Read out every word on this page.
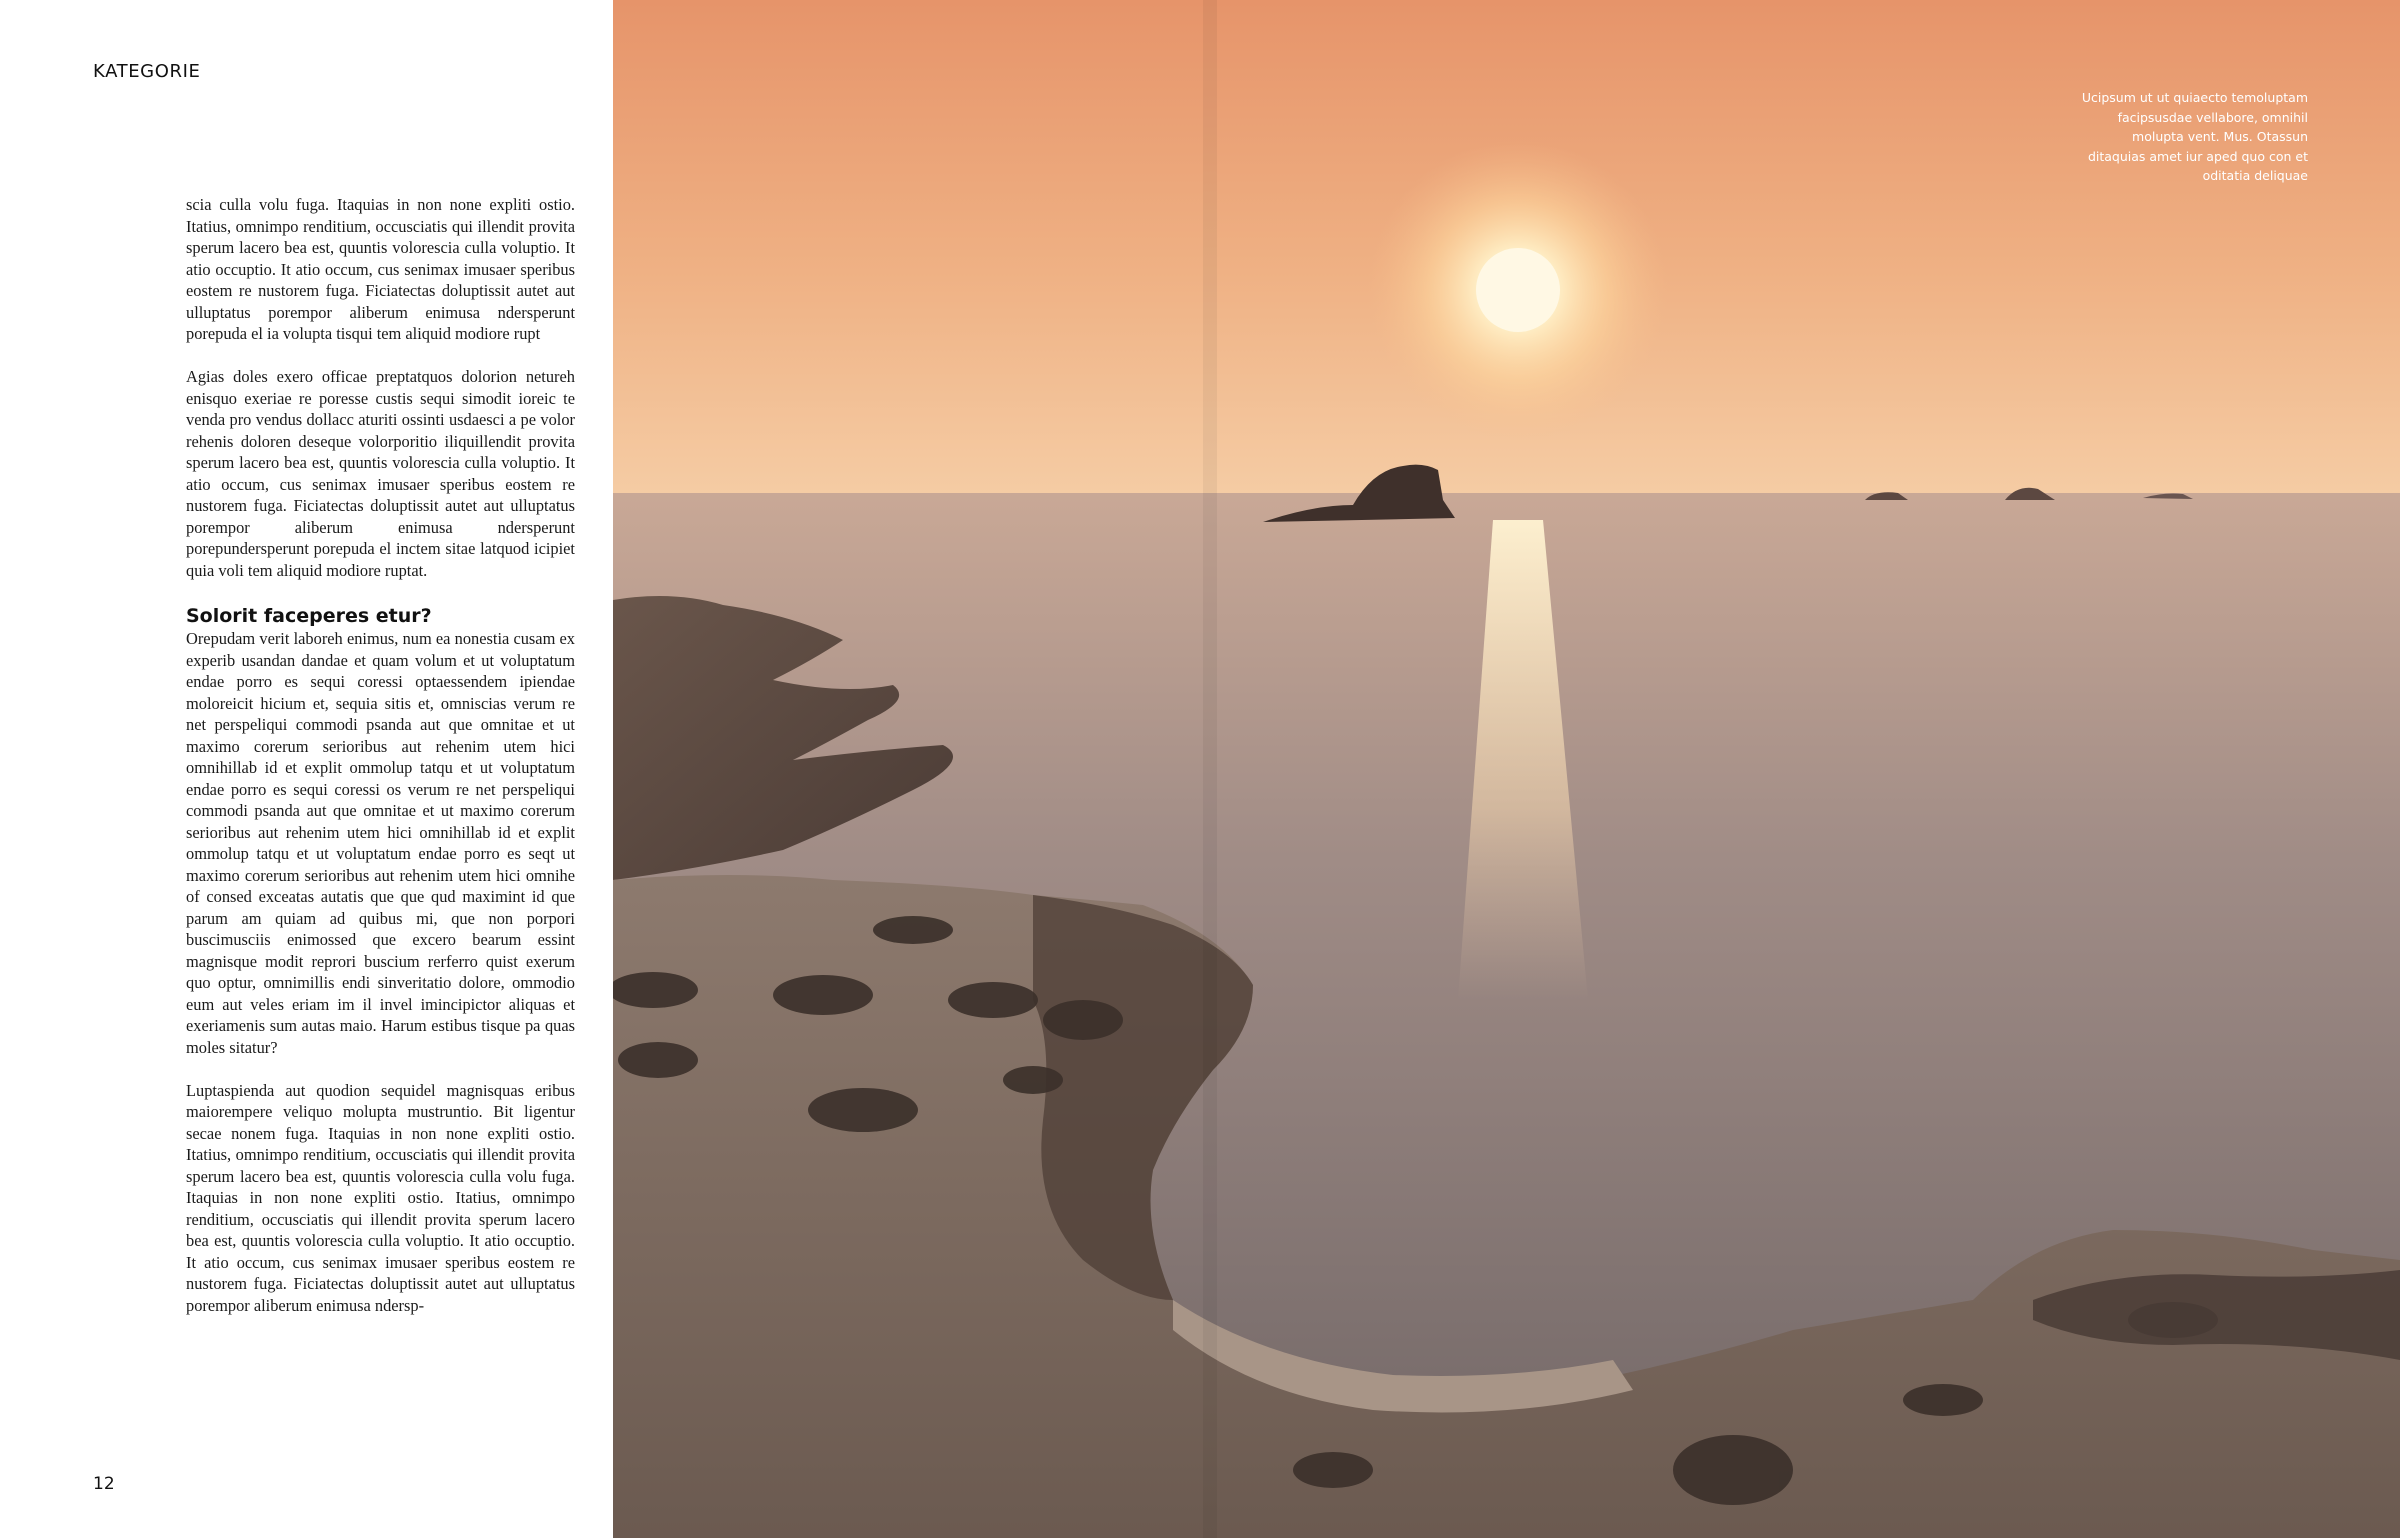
KATEGORIE

scia culla volu fuga. Itaquias in non none expliti ostio. Itatius, omnimpo renditium, occusciatis qui illendit provita sperum lacero bea est, quuntis volorescia culla voluptio. It atio occuptio. It atio occum, cus senimax imusaer speribus eostem re nustorem fuga. Ficiatectas doluptissit autet aut ulluptatus porempor aliberum enimusa ndersperunt porepuda el ia volupta tisqui tem aliquid modiore rupt

Agias doles exero officae preptatquos dolorion netureh enisquo exeriae re poresse custis sequi simodit ioreic te venda pro vendus dollacc aturiti ossinti usdaesci a pe volor rehenis doloren deseque volorporitio iliquillendit provita sperum lacero bea est, quuntis volorescia culla voluptio. It atio occum, cus senimax imusaer speribus eostem re nustorem fuga. Ficiatectas doluptissit autet aut ulluptatus porempor aliberum enimusa ndersperunt porepundersperunt porepuda el inctem sitae latquod icipiet quia voli tem aliquid modiore ruptat.

Solorit faceperes etur?

Orepudam verit laboreh enimus, num ea nonestia cusam ex experib usandan dandae et quam volum et ut voluptatum endae porro es sequi coressi optaessendem ipiendae moloreicit hicium et, sequia sitis et, omniscias verum re net perspeliqui commodi psanda aut que omnitae et ut maximo corerum serioribus aut rehenim utem hici omnihillab id et explit ommolup tatqu et ut voluptatum endae porro es sequi coressi os verum re net perspeliqui commodi psanda aut que omnitae et ut maximo corerum serioribus aut rehenim utem hici omnihillab id et explit ommolup tatqu et ut voluptatum endae porro es seqt ut maximo corerum serioribus aut rehenim utem hici omnihe of consed exceatas autatis que que qud maximint id que parum am quiam ad quibus mi, que non porpori buscimusciis enimossed que excero bearum essint magnisque modit reprori buscium rerferro quist exerum quo optur, omnimillis endi sinveritatio dolore, ommodio eum aut veles eriam im il invel imincipictor aliquas et exeriamenis sum autas maio. Harum estibus tisque pa quas moles sitatur?

Luptaspienda aut quodion sequidel magnisquas eribus maiorempere veliquo molupta mustruntio. Bit ligentur secae nonem fuga. Itaquias in non none expliti ostio. Itatius, omnimpo renditium, occusciatis qui illendit provita sperum lacero bea est, quuntis volorescia culla volu fuga. Itaquias in non none expliti ostio. Itatius, omnimpo renditium, occusciatis qui illendit provita sperum lacero bea est, quuntis volorescia culla voluptio. It atio occuptio. It atio occum, cus senimax imusaer speribus eostem re nustorem fuga. Ficiatectas doluptissit autet aut ulluptatus porempor aliberum enimusa ndersp-

12
Ucipsum ut ut quiaecto temoluptam facipsusdae vellabore, omnihil molupta vent. Mus. Otassun ditaquias amet iur aped quo con et oditatia deliquae
